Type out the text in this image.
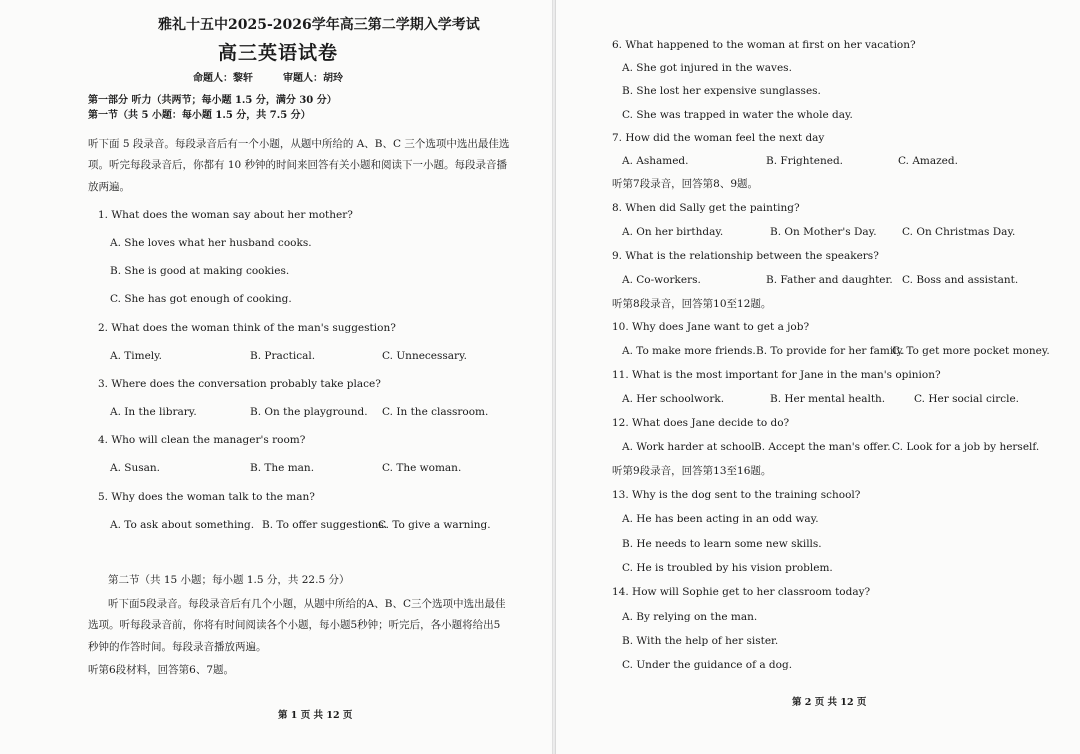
雅礼十五中2025-2026学年高三第二学期入学考试
高三英语试卷
命题人：黎轩　　　审题人：胡玲
第一部分 听力（共两节；每小题 1.5 分，满分 30 分）
第一节（共 5 小题：每小题 1.5 分，共 7.5 分）
听下面 5 段录音。每段录音后有一个小题，从题中所给的 A、B、C 三个选项中选出最佳选
项。听完每段录音后，你都有 10 秒钟的时间来回答有关小题和阅读下一小题。每段录音播
放两遍。
1. What does the woman say about her mother?
A. She loves what her husband cooks.
B. She is good at making cookies.
C. She has got enough of cooking.
2. What does the woman think of the man's suggestion?
A. Timely.	B. Practical.	C. Unnecessary.
3. Where does the conversation probably take place?
A. In the library.	B. On the playground. C. In the classroom.
4. Who will clean the manager's room?
A. Susan.	B. The man.	C. The woman.
5. Why does the woman talk to the man?
A. To ask about something. B. To offer suggestions.
C. To give a warning.
第二节（共 15 小题；每小题 1.5 分，共 22.5 分）
听下面5段录音。每段录音后有几个小题，从题中所给的A、B、C三个选项中选出最佳
选项。听每段录音前，你将有时间阅读各个小题，每小题5秒钟；听完后，各小题将给出5
秒钟的作答时间。每段录音播放两遍。
听第6段材料，回答第6、7题。
第 1 页 共 12 页
6. What happened to the woman at first on her vacation?
A. She got injured in the waves.
B. She lost her expensive sunglasses.
C. She was trapped in water the whole day.
7. How did the woman feel the next day
A. Ashamed.	B. Frightened.	C. Amazed.
听第7段录音，回答第8、9题。
8. When did Sally get the painting?
A. On her birthday.	B. On Mother's Day. C. On Christmas Day.
9. What is the relationship between the speakers?
A. Co-workers.	B. Father and daughter. C. Boss and assistant.
听第8段录音，回答第10至12题。
10. Why does Jane want to get a job?
A. To make more friends. B. To provide for her family.
C. To get more pocket money.
11. What is the most important for Jane in the man's opinion?
A. Her schoolwork.	B. Her mental health.	C. Her social circle.
12. What does Jane decide to do?
A. Work harder at school.
B. Accept the man's offer. C. Look for a job by herself.
听第9段录音，回答第13至16题。
13. Why is the dog sent to the training school?
A. He has been acting in an odd way.
B. He needs to learn some new skills.
C. He is troubled by his vision problem.
14. How will Sophie get to her classroom today?
A. By relying on the man.
B. With the help of her sister.
C. Under the guidance of a dog.
第 2 页 共 12 页
